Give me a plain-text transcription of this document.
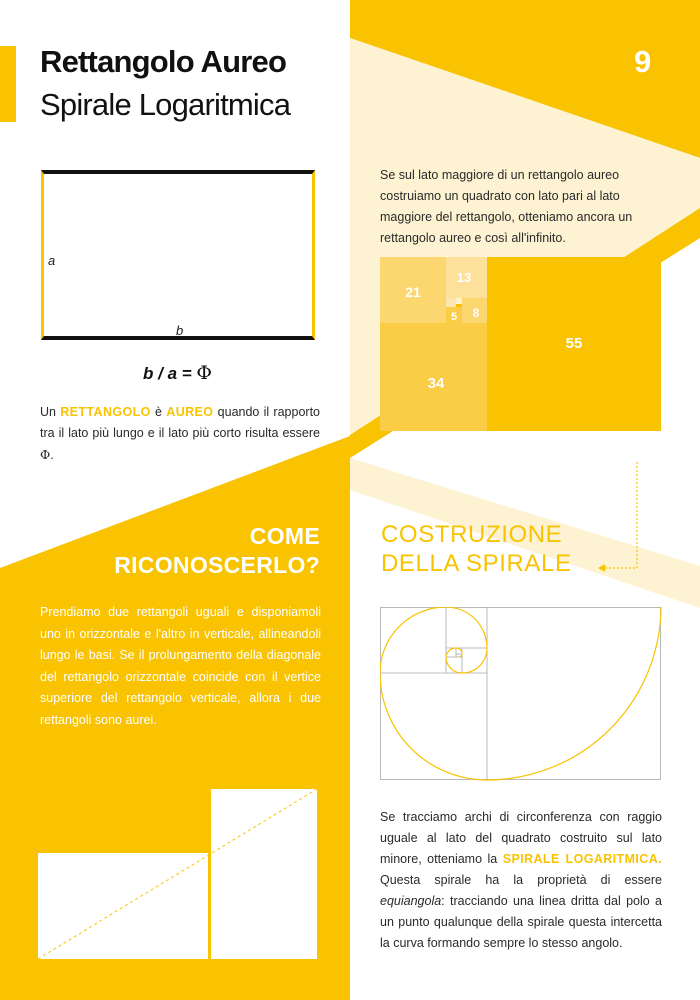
Rettangolo Aureo
Spirale Logaritmica
a
b
b / a = Φ
Un RETTANGOLO è AUREO quando il rapporto tra il lato più lungo e il lato più corto risulta essere Φ.
COME
RICONOSCERLO?
Prendiamo due rettangoli uguali e disponiamoli uno in orizzontale e l'altro in verticale, allineandoli lungo le basi. Se il prolungamento della diagonale del rettangolo orizzontale coincide con il vertice superiore del rettangolo verticale, allora i due rettangoli sono aurei.
9
Se sul lato maggiore di un rettangolo aureo costruiamo un quadrato con lato pari al lato maggiore del rettangolo, otteniamo ancora un rettangolo aureo e così all'infinito.
55
34
21
13
8
5
COSTRUZIONE
DELLA SPIRALE
Se tracciamo archi di circonferenza con raggio uguale al lato del quadrato costruito sul lato minore, otteniamo la SPIRALE LOGARITMICA. Questa spirale ha la proprietà di essere equiangola: tracciando una linea dritta dal polo a un punto qualunque della spirale questa intercetta la curva formando sempre lo stesso angolo.
